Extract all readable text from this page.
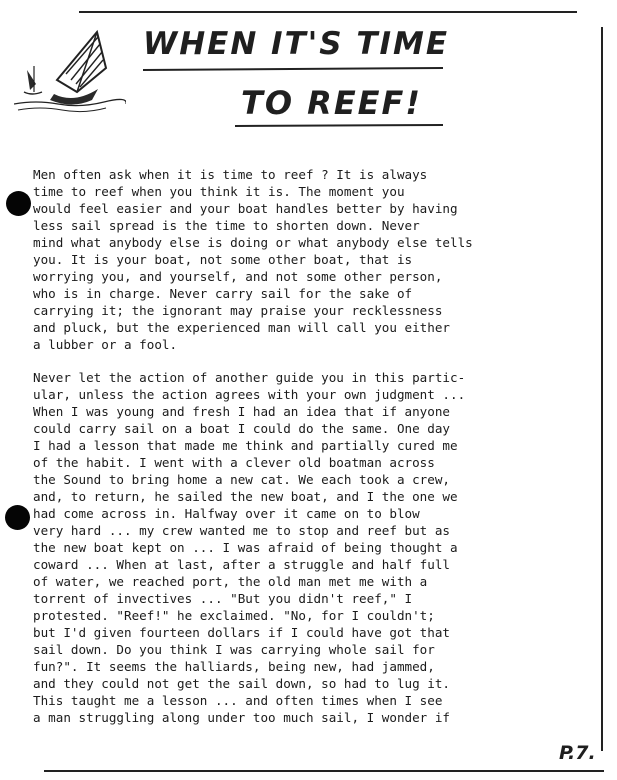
WHEN IT'S TIME
TO REEF!

Men often ask when it is time to reef ? It is always
time to reef when you think it is. The moment you
would feel easier and your boat handles better by having
less sail spread is the time to shorten down. Never
mind what anybody else is doing or what anybody else tells
you. It is your boat, not some other boat, that is
worrying you, and yourself, and not some other person,
who is in charge. Never carry sail for the sake of
carrying it; the ignorant may praise your recklessness
and pluck, but the experienced man will call you either
a lubber or a fool.

Never let the action of another guide you in this partic-
ular, unless the action agrees with your own judgment ...
When I was young and fresh I had an idea that if anyone
could carry sail on a boat I could do the same. One day
I had a lesson that made me think and partially cured me
of the habit. I went with a clever old boatman across
the Sound to bring home a new cat. We each took a crew,
and, to return, he sailed the new boat, and I the one we
had come across in. Halfway over it came on to blow
very hard ... my crew wanted me to stop and reef but as
the new boat kept on ... I was afraid of being thought a
coward ... When at last, after a struggle and half full
of water, we reached port, the old man met me with a
torrent of invectives ... "But you didn't reef," I
protested. "Reef!" he exclaimed. "No, for I couldn't;
but I'd given fourteen dollars if I could have got that
sail down. Do you think I was carrying whole sail for
fun?". It seems the halliards, being new, had jammed,
and they could not get the sail down, so had to lug it.
This taught me a lesson ... and often times when I see
a man struggling along under too much sail, I wonder if

P.7.
